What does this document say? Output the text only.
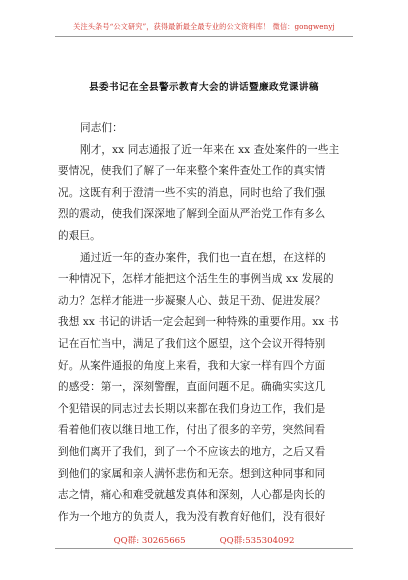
关注头条号“公文研究”，获得最新最全最专业的公文资料库！ 微信：gongwenyj
县委书记在全县警示教育大会的讲话暨廉政党课讲稿
同志们：
刚才，xx 同志通报了近一年来在 xx 查处案件的一些主
要情况，使我们了解了一年来整个案件查处工作的真实情
况。这既有利于澄清一些不实的消息，同时也给了我们强
烈的震动，使我们深深地了解到全面从严治党工作有多么
的艰巨。
通过近一年的查办案件，我们也一直在想，在这样的
一种情况下，怎样才能把这个活生生的事例当成 xx 发展的
动力？怎样才能进一步凝聚人心、鼓足干劲、促进发展？
我想 xx 书记的讲话一定会起到一种特殊的重要作用。xx 书
记在百忙当中，满足了我们这个愿望，这个会议开得特别
好。从案件通报的角度上来看，我和大家一样有四个方面
的感受：第一，深刻警醒，直面问题不足。确确实实这几
个犯错误的同志过去长期以来都在我们身边工作，我们是
看着他们夜以继日地工作，付出了很多的辛劳，突然间看
到他们离开了我们，到了一个不应该去的地方，之后又看
到他们的家属和亲人满怀悲伤和无奈。想到这种同事和同
志之情，痛心和难受就越发真体和深刻，人心都是肉长的
作为一个地方的负责人，我为没有教育好他们，没有很好
QQ群: 30265665	QQ群:535304092
